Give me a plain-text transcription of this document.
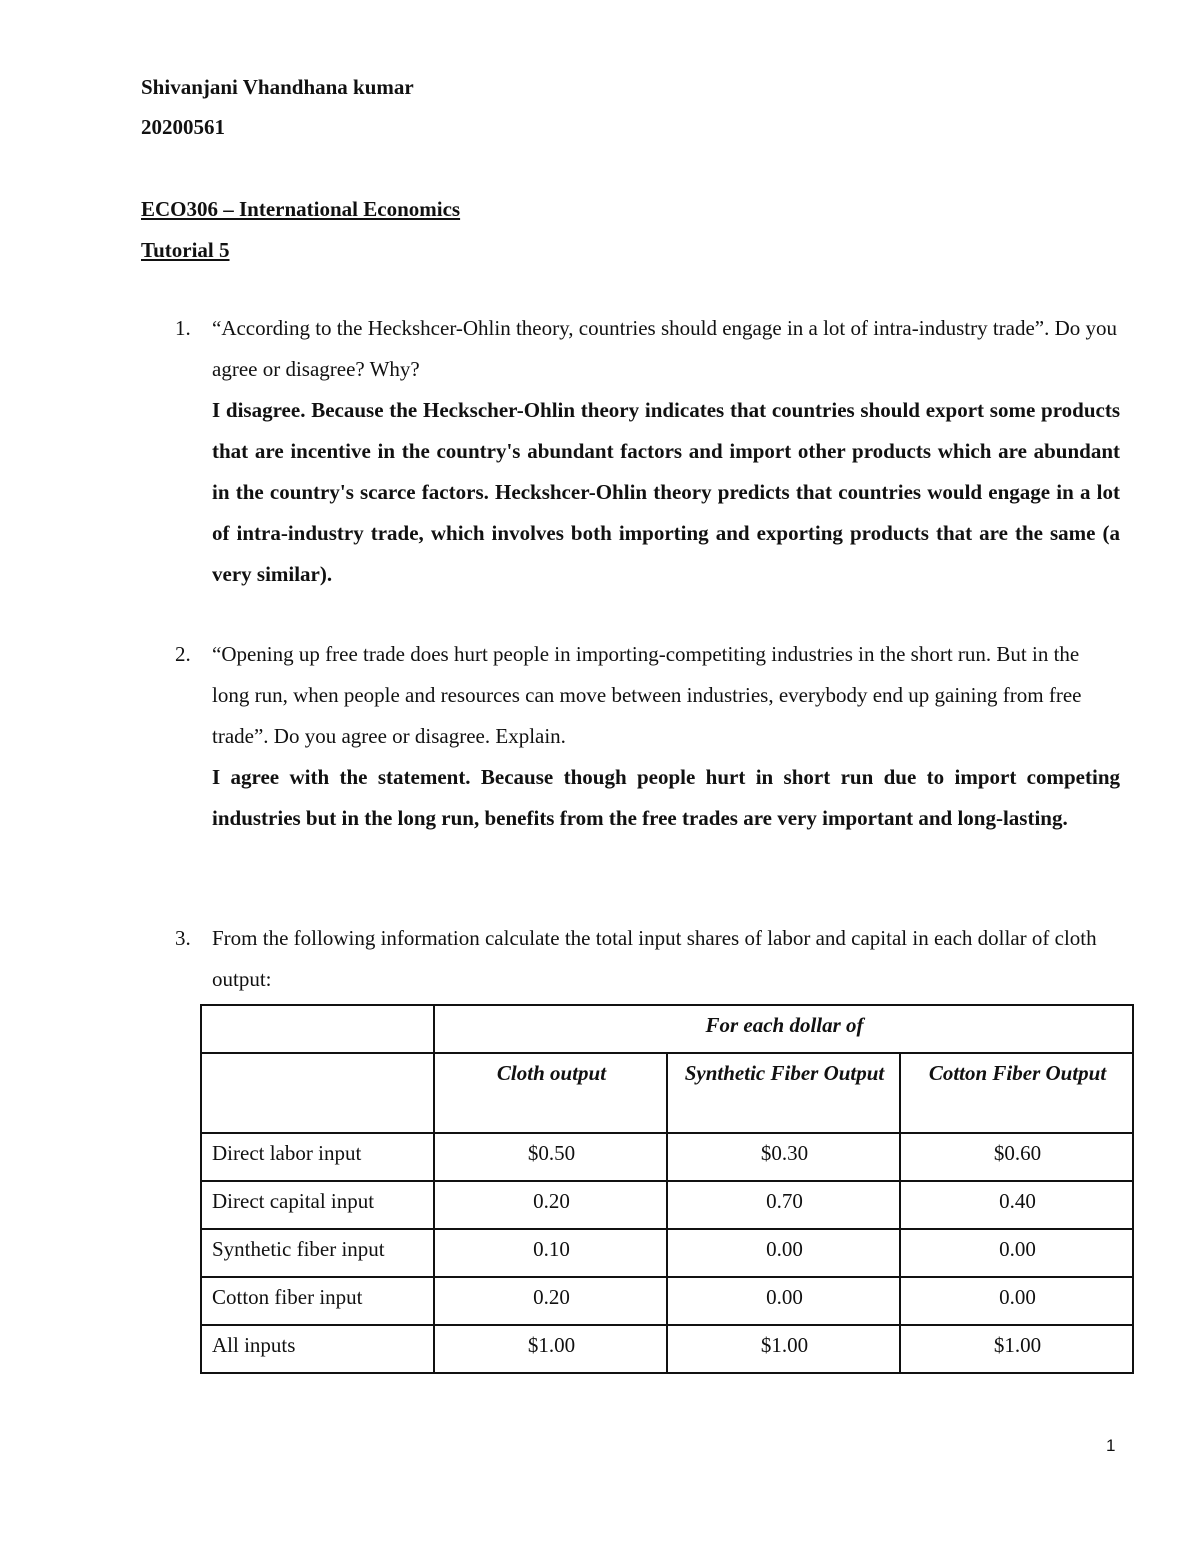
Shivanjani Vhandhana kumar
20200561
ECO306 – International Economics
Tutorial 5
1. “According to the Heckshcer-Ohlin theory, countries should engage in a lot of intra-industry trade”. Do you agree or disagree? Why?

I disagree. Because the Heckscher-Ohlin theory indicates that countries should export some products that are incentive in the country's abundant factors and import other products which are abundant in the country's scarce factors. Heckshcer-Ohlin theory predicts that countries would engage in a lot of intra-industry trade, which involves both importing and exporting products that are the same (a very similar).

2. “Opening up free trade does hurt people in importing-competiting industries in the short run. But in the long run, when people and resources can move between industries, everybody end up gaining from free trade”. Do you agree or disagree. Explain.

I agree with the statement. Because though people hurt in short run due to import competing industries but in the long run, benefits from the free trades are very important and long-lasting.

3. From the following information calculate the total input shares of labor and capital in each dollar of cloth output:

	For each dollar of		
	Cloth output	Synthetic Fiber Output	Cotton Fiber Output
Direct labor input	$0.50	$0.30	$0.60
Direct capital input	0.20	0.70	0.40
Synthetic fiber input	0.10	0.00	0.00
Cotton fiber input	0.20	0.00	0.00
All inputs	$1.00	$1.00	$1.00
1
